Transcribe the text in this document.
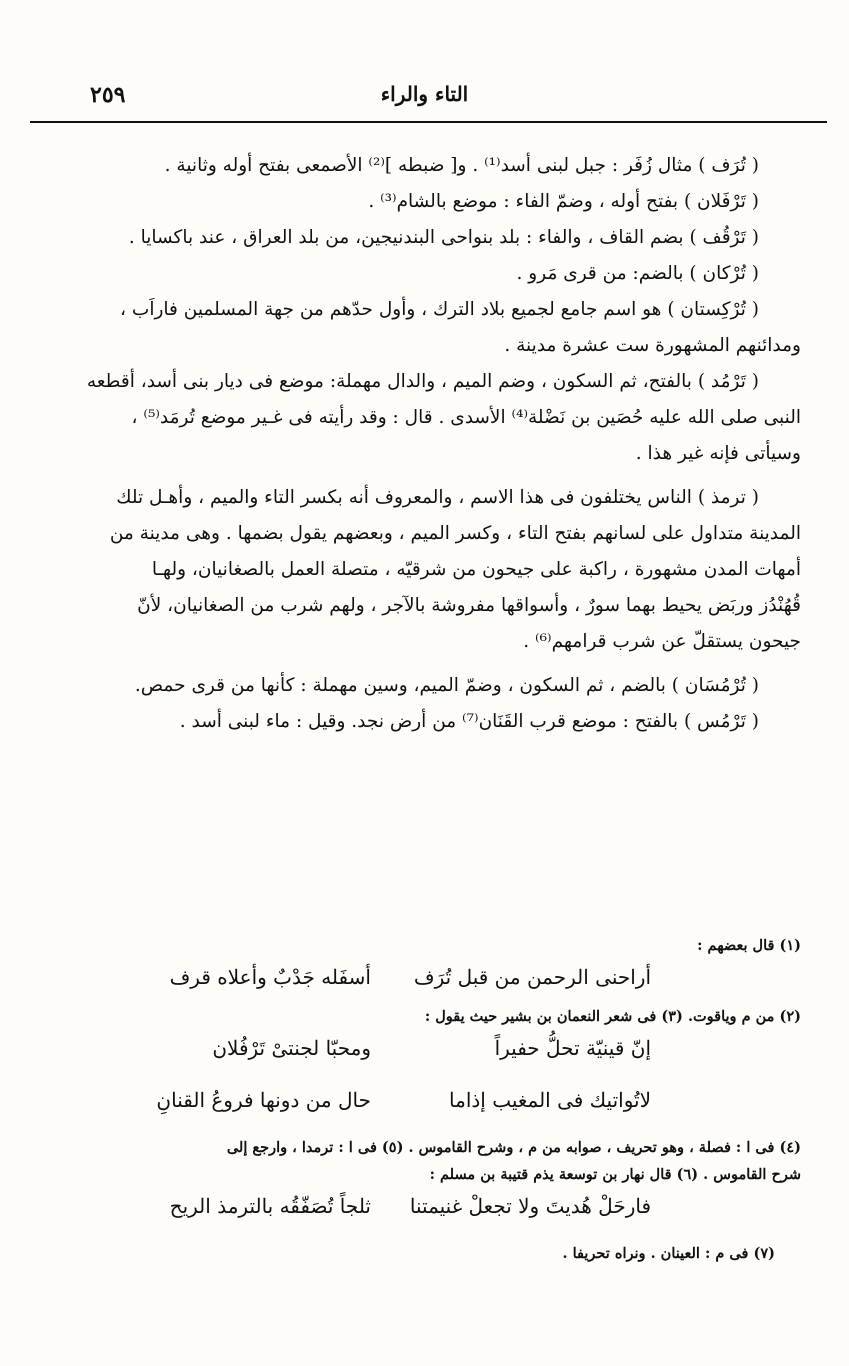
٢٥٩	التاء والراء
( تُرَف ) مثال زُفَر : جبل لبنى أسد⁽¹⁾ . و[ ضبطه ]⁽²⁾ الأصمعى بفتح أوله وثانية .
( تَرْفَلان ) بفتح أوله ، وضمّ الفاء : موضع بالشام⁽³⁾ .
( تَرْقُف ) بضم القاف ، والفاء : بلد بنواحى البندنيجين، من بلد العراق ، عند باكسايا .
( تُرْكان ) بالضم: من قرى مَرو .
( تُرْكِستان ) هو اسم جامع لجميع بلاد الترك ، وأول حدّهم من جهة المسلمين فاراَب ،
ومدائنهم المشهورة ست عشرة مدينة .
( تَرْمُد ) بالفتح، ثم السكون ، وضم الميم ، والدال مهملة: موضع فى ديار بنى أسد، أقطعه
النبى صلى الله عليه حُصَين بن نَضْلة⁽⁴⁾ الأسدى . قال : وقد رأيته فى غـير موضع تُرمَد⁽⁵⁾ ،
وسيأتى فإنه غير هذا .
( ترمذ ) الناس يختلفون فى هذا الاسم ، والمعروف أنه بكسر التاء والميم ، وأهـل تلك
المدينة متداول على لسانهم بفتح التاء ، وكسر الميم ، وبعضهم يقول بضمها . وهى مدينة من
أمهات المدن مشهورة ، راكبة على جيحون من شرقيّه ، متصلة العمل بالصغانيان، ولهـا
قُهُنْدُز وربَض يحيط بهما سورٌ ، وأسواقها مفروشة بالآجر ، ولهم شرب من الصغانيان، لأنّ
جيحون يستقلّ عن شرب قرامهم⁽⁶⁾ .
( تُرْمُسَان ) بالضم ، ثم السكون ، وضمّ الميم، وسين مهملة : كأنها من قرى حمص.
( تَرْمُس ) بالفتح : موضع قرب القَنَان⁽⁷⁾ من أرض نجد. وقيل : ماء لبنى أسد .
(١) قال بعضهم :
أراحنى الرحمن من قبل تُرَف
أسفَله جَدْبٌ وأعلاه قرف
(٢) من م وياقوت. (٣) فى شعر النعمان بن بشير حيث يقول :
إنّ قينيّة تحلُّ حفيراً
ومحبّا لجنتىْ تَرْفُلان
لاتُواتيك فى المغيب إذاما
حال من دونها فروعُ القنانِ
(٤) فى ا : فصلة ، وهو تحريف ، صوابه من م ، وشرح القاموس . (٥) فى ا : ترمدا ، وارجع إلى
شرح القاموس . (٦) قال نهار بن توسعة يذم قتيبة بن مسلم :
فارحَلْ هُديتَ ولا تجعلْ غنيمتنا
ثلجاً تُصَفّقُه بالترمذ الريح
(٧) فى م : العينان . ونراه تحريفا .
